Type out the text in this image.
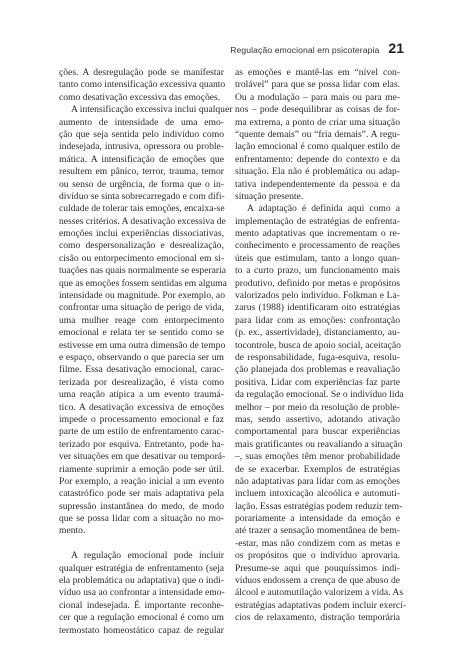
Regulação emocional em psicoterapia 21
ções. A desregulação pode se manifestar
tanto como intensificação excessiva quanto
como desativação excessiva das emoções.
A intensificação excessiva inclui qualquer
aumento de intensidade de uma emo-
ção que seja sentida pelo indivíduo como
indesejada, intrusiva, opressora ou proble-
mática. A intensificação de emoções que
resultem em pânico, terror, trauma, temor
ou senso de urgência, de forma que o in-
divíduo se sinta sobrecarregado e com difi-
culdade de tolerar tais emoções, encaixa-se
nesses critérios. A desativação excessiva de
emoções inclui experiências dissociativas,
como despersonalização e desrealização,
cisão ou entorpecimento emocional em si-
tuações nas quais normalmente se esperaria
que as emoções fossem sentidas em alguma
intensidade ou magnitude. Por exemplo, ao
confrontar uma situação de perigo de vida,
uma mulher reage com entorpecimento
emocional e relata ter se sentido como se
estivesse em uma outra dimensão de tempo
e espaço, observando o que parecia ser um
filme. Essa desativação emocional, carac-
terizada por desrealização, é vista como
uma reação atípica a um evento traumá-
tico. A desativação excessiva de emoções
impede o processamento emocional e faz
parte de um estilo de enfrentamento carac-
terizado por esquiva. Entretanto, pode ha-
ver situações em que desativar ou temporá-
riamente suprimir a emoção pode ser útil.
Por exemplo, a reação inicial a um evento
catastrófico pode ser mais adaptativa pela
supressão instantânea do medo, de modo
que se possa lidar com a situação no mo-
mento.
A regulação emocional pode incluir
qualquer estratégia de enfrentamento (seja
ela problemática ou adaptativa) que o indi-
víduo usa ao confrontar a intensidade emo-
cional indesejada. É importante reconhe-
cer que a regulação emocional é como um
termostato homeostático capaz de regular
as emoções e mantê-las em “nível con-
trolável” para que se possa lidar com elas.
Ou a modulação – para mais ou para me-
nos – pode desequilibrar as coisas de for-
ma extrema, a ponto de criar uma situação
“quente demais” ou “fria demais”. A regu-
lação emocional é como qualquer estilo de
enfrentamento: depende do contexto e da
situação. Ela não é problemática ou adap-
tativa independentemente da pessoa e da
situação presente.
A adaptação é definida aqui como a
implementação de estratégias de enfrenta-
mento adaptativas que incrementam o re-
conhecimento e processamento de reações
úteis que estimulam, tanto a longo quan-
to a curto prazo, um funcionamento mais
produtivo, definido por metas e propósitos
valorizados pelo indivíduo. Folkman e La-
zarus (1988) identificaram oito estratégias
para lidar com as emoções: confrontação
(p. ex., assertividade), distanciamento, au-
tocontrole, busca de apoio social, aceitação
de responsabilidade, fuga-esquiva, resolu-
ção planejada dos problemas e reavaliação
positiva. Lidar com experiências faz parte
da regulação emocional. Se o indivíduo lida
melhor – por meio da resolução de proble-
mas, sendo assertivo, adotando ativação
comportamental para buscar experiências
mais gratificantes ou reavaliando a situação
–, suas emoções têm menor probabilidade
de se exacerbar. Exemplos de estratégias
não adaptativas para lidar com as emoções
incluem intoxicação alcoólica e automuti-
lação. Essas estratégias podem reduzir tem-
porariamente a intensidade da emoção e
até trazer a sensação momentânea de bem-
-estar, mas não condizem com as metas e
os propósitos que o indivíduo aprovaria.
Presume-se aqui que pouquíssimos indi-
víduos endossem a crença de que abuso de
álcool e automutilação valorizem a vida. As
estratégias adaptativas podem incluir exercí-
cios de relaxamento, distração temporária
